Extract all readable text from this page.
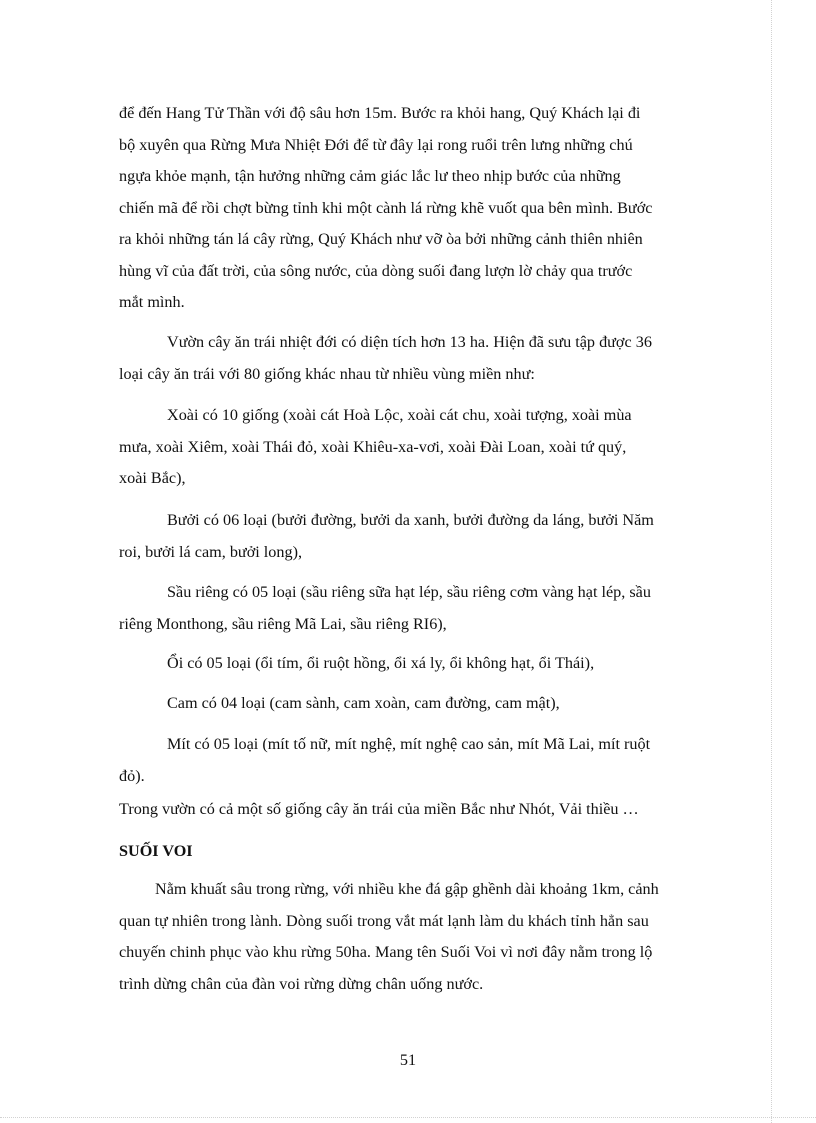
để đến Hang Tử Thần với độ sâu hơn 15m. Bước ra khỏi hang, Quý Khách lại đi
bộ xuyên qua Rừng Mưa Nhiệt Đới để từ đây lại rong ruổi trên lưng những chú
ngựa khỏe mạnh, tận hưởng những cảm giác lắc lư theo nhịp bước của những
chiến mã để rồi chợt bừng tỉnh khi một cành lá rừng khẽ vuốt qua bên mình. Bước
ra khỏi những tán lá cây rừng, Quý Khách như vỡ òa bởi những cảnh thiên nhiên
hùng vĩ của đất trời, của sông nước, của dòng suối đang lượn lờ chảy qua trước
mắt mình.

Vườn cây ăn trái nhiệt đới có diện tích hơn 13 ha. Hiện đã sưu tập được 36
loại cây ăn trái với 80 giống khác nhau từ nhiều vùng miền như:

Xoài có 10 giống (xoài cát Hoà Lộc, xoài cát chu, xoài tượng, xoài mùa
mưa, xoài Xiêm, xoài Thái đỏ, xoài Khiêu-xa-vơi, xoài Đài Loan, xoài tứ quý,
xoài Bắc),

Bưởi có 06 loại (bưởi đường, bưởi da xanh, bưởi đường da láng, bưởi Năm
roi, bưởi lá cam, bưởi long),

Sầu riêng có 05 loại (sầu riêng sữa hạt lép, sầu riêng cơm vàng hạt lép, sầu
riêng Monthong, sầu riêng Mã Lai, sầu riêng RI6),

Ổi có 05 loại (ổi tím, ổi ruột hồng, ổi xá ly, ổi không hạt, ổi Thái),

Cam có 04 loại (cam sành, cam xoàn, cam đường, cam mật),

Mít có 05 loại (mít tố nữ, mít nghệ, mít nghệ cao sản, mít Mã Lai, mít ruột
đỏ).

Trong vườn có cả một số giống cây ăn trái của miền Bắc như Nhót, Vải thiều …

SUỐI VOI

Nằm khuất sâu trong rừng, với nhiều khe đá gập ghềnh dài khoảng 1km, cảnh
quan tự nhiên trong lành. Dòng suối trong vắt mát lạnh làm du khách tỉnh hẳn sau
chuyến chinh phục vào khu rừng 50ha. Mang tên Suối Voi vì nơi đây nằm trong lộ
trình dừng chân của đàn voi rừng dừng chân uống nước.

51
